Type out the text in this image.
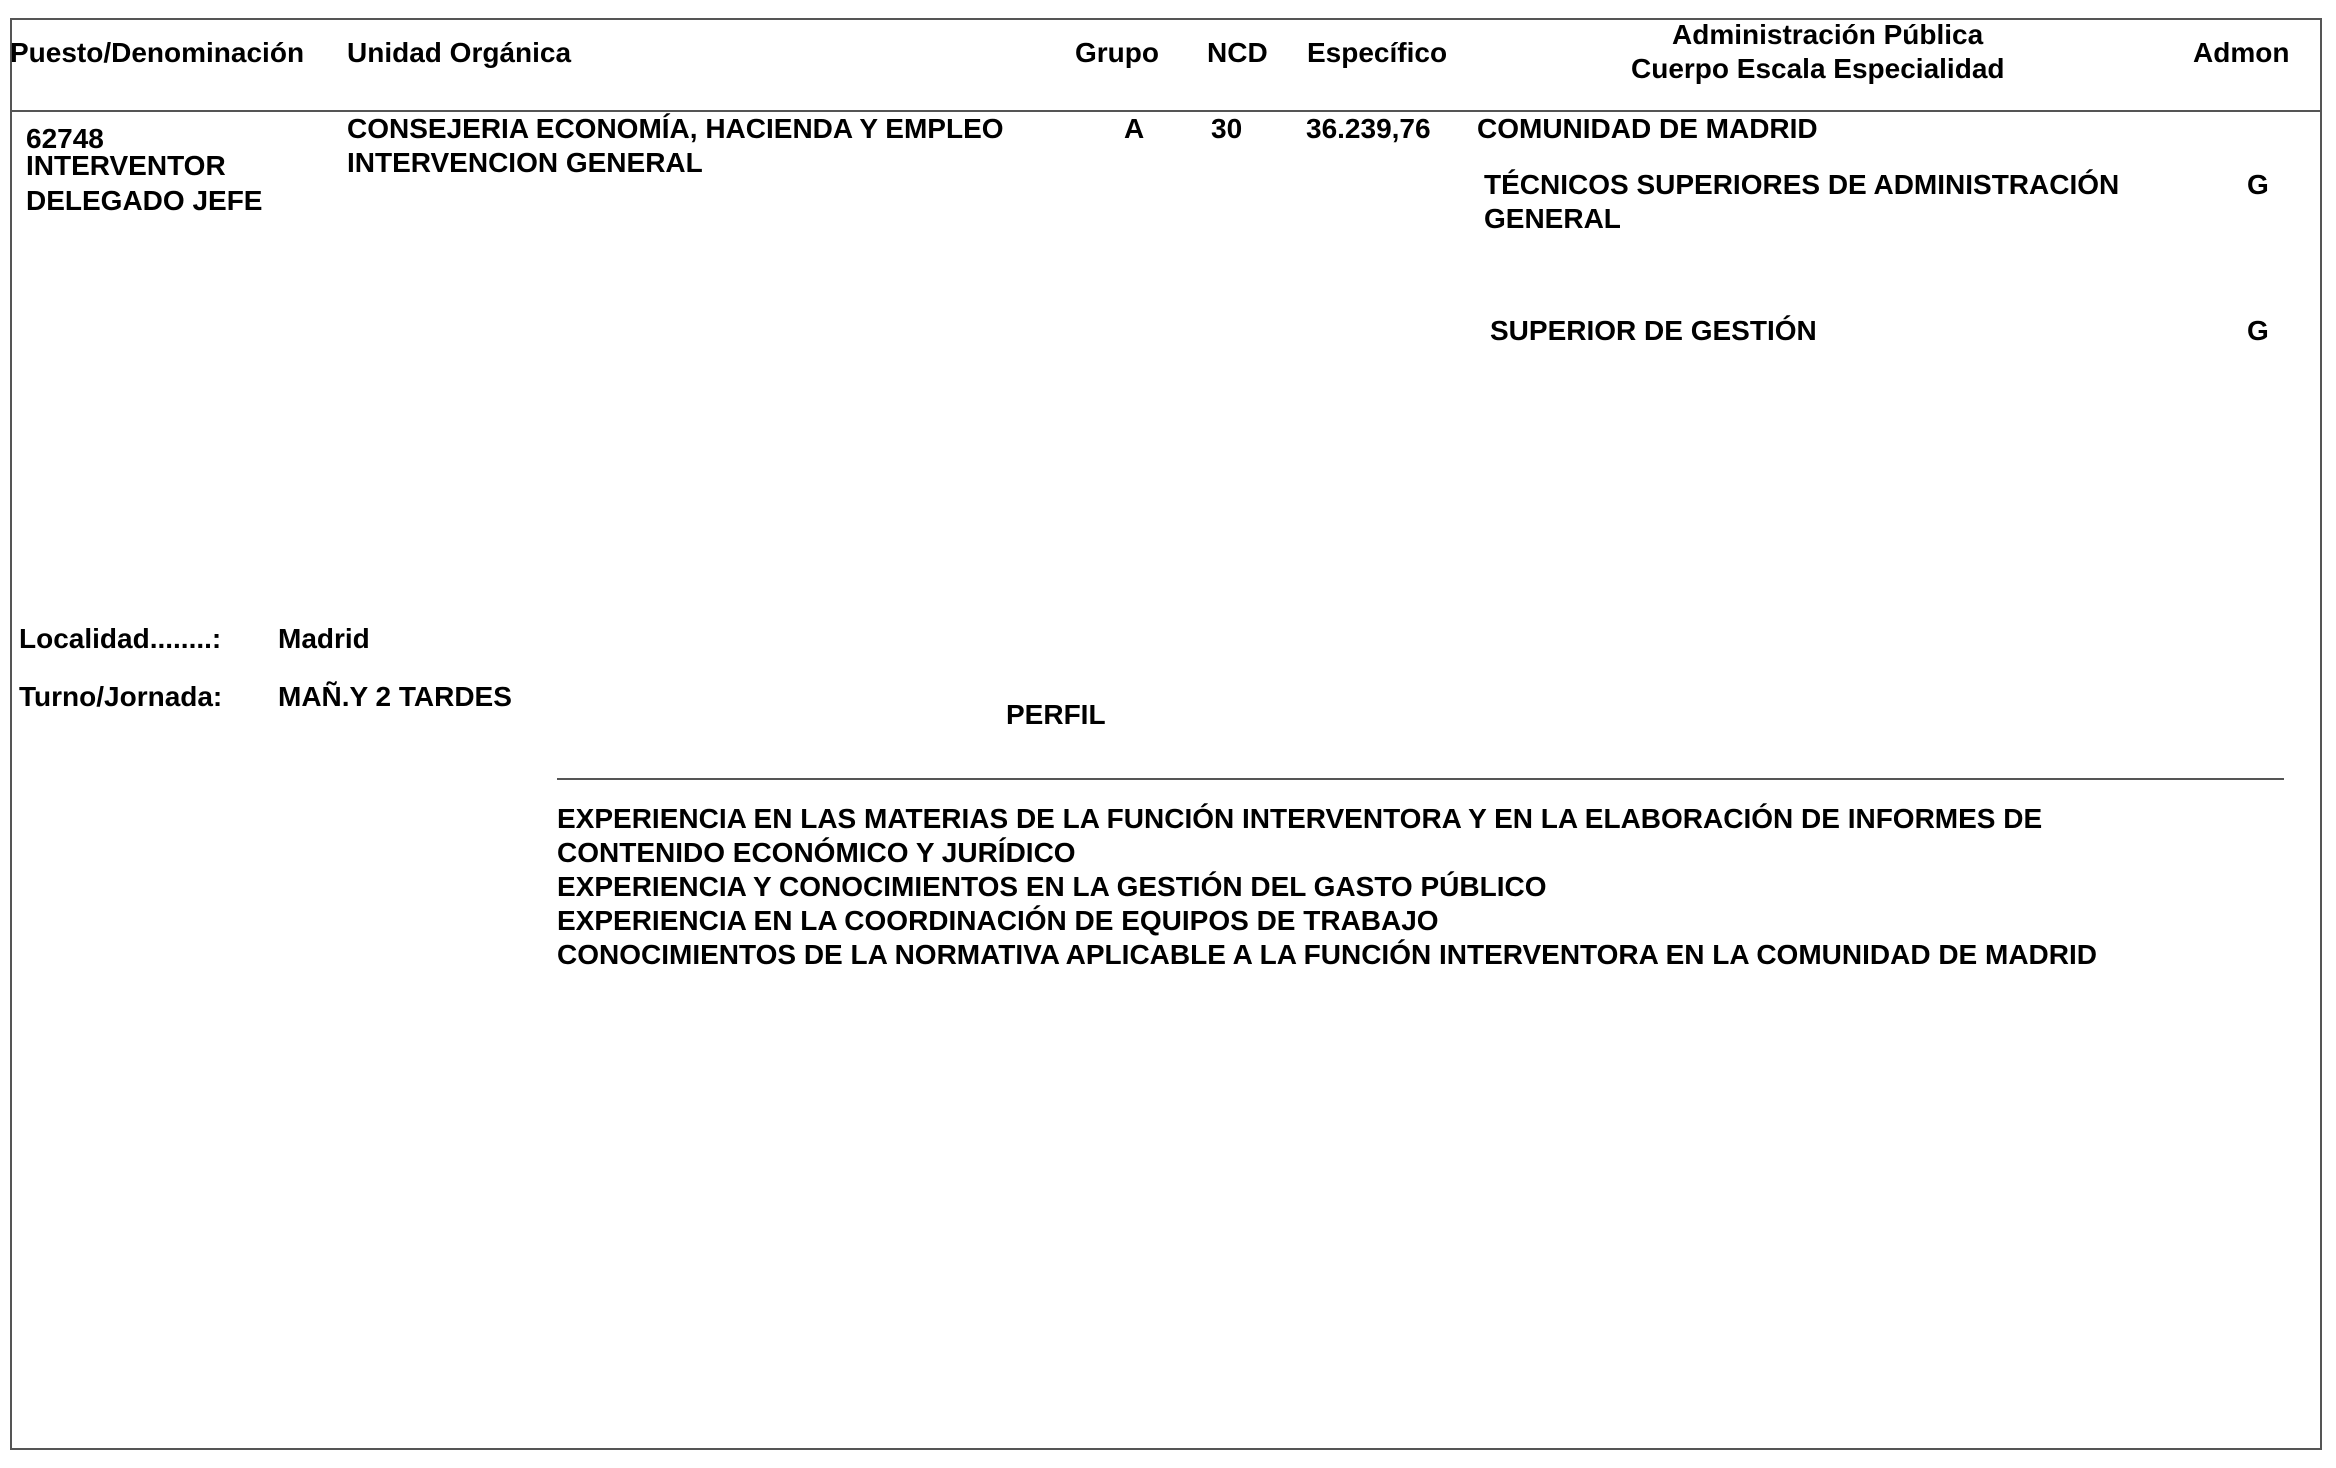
Puesto/Denominación Unidad Orgánica	Grupo NCD Específico
Administración Pública
Cuerpo Escala Especialidad
Admon
62748
INTERVENTOR
DELEGADO JEFE
CONSEJERIA ECONOMÍA, HACIENDA Y EMPLEO
INTERVENCION GENERAL
A 30 36.239,76 COMUNIDAD DE MADRID
TÉCNICOS SUPERIORES DE ADMINISTRACIÓN
GENERAL
G
SUPERIOR DE GESTIÓN	G
Localidad........: Madrid
Turno/Jornada: MAÑ.Y 2 TARDES
PERFIL
EXPERIENCIA EN LAS MATERIAS DE LA FUNCIÓN INTERVENTORA Y EN LA ELABORACIÓN DE INFORMES DE
CONTENIDO ECONÓMICO Y JURÍDICO
EXPERIENCIA Y CONOCIMIENTOS EN LA GESTIÓN DEL GASTO PÚBLICO
EXPERIENCIA EN LA COORDINACIÓN DE EQUIPOS DE TRABAJO
CONOCIMIENTOS DE LA NORMATIVA APLICABLE A LA FUNCIÓN INTERVENTORA EN LA COMUNIDAD DE MADRID
